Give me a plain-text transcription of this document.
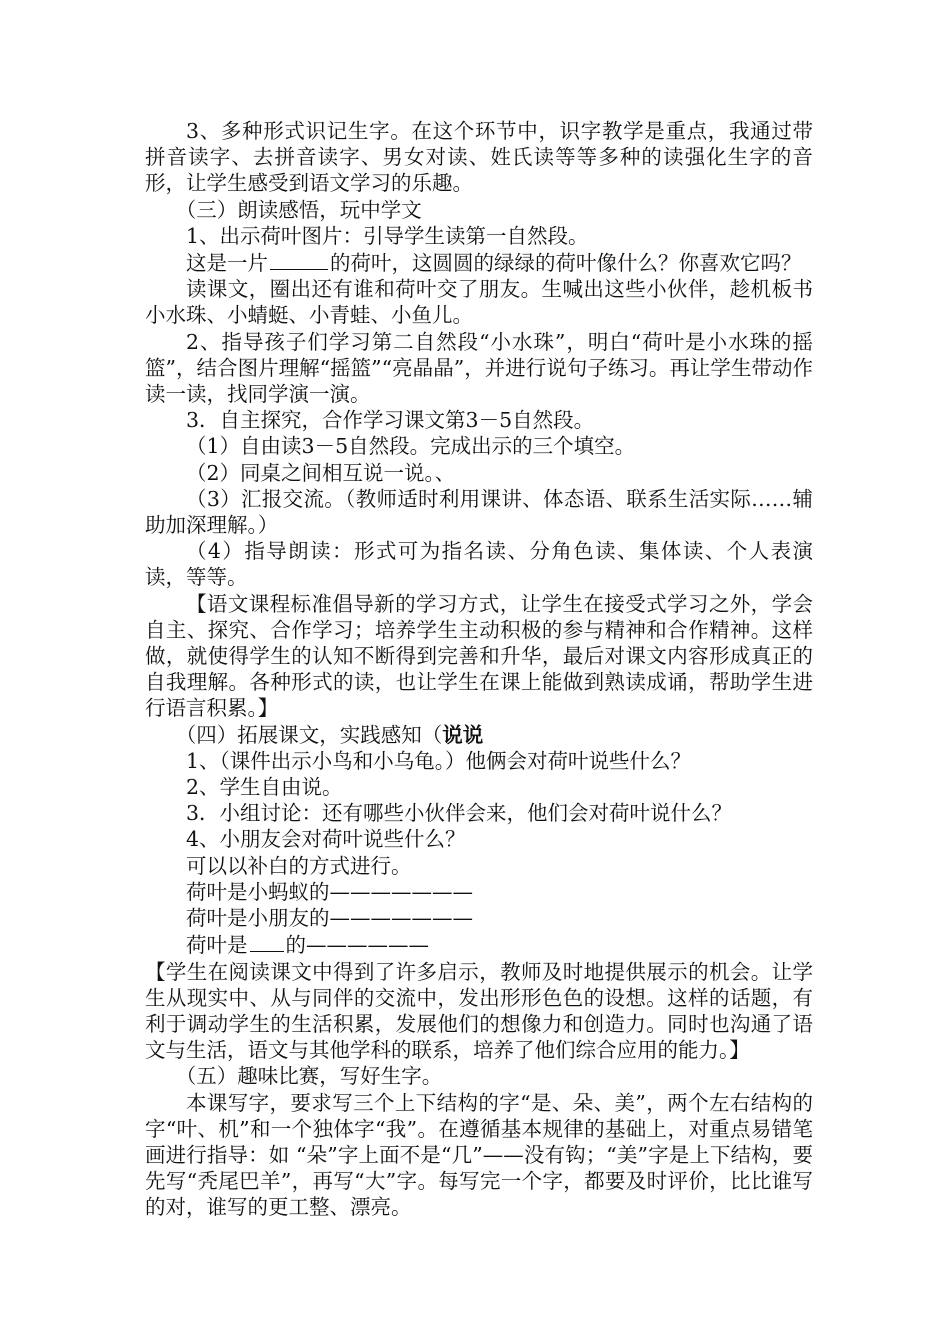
3、多种形式识记生字。在这个环节中，识字教学是重点，我通过带拼音读字、去拼音读字、男女对读、姓氏读等等多种的读强化生字的音形，让学生感受到语文学习的乐趣。

（三）朗读感悟，玩中学文

1、出示荷叶图片：引导学生读第一自然段。

这是一片	的荷叶，这圆圆的绿绿的荷叶像什么？你喜欢它吗？

读课文，圈出还有谁和荷叶交了朋友。生喊出这些小伙伴，趁机板书小水珠、小蜻蜓、小青蛙、小鱼儿。

2、指导孩子们学习第二自然段“小水珠”，明白“荷叶是小水珠的摇篮”，结合图片理解“摇篮”“亮晶晶”，并进行说句子练习。再让学生带动作读一读，找同学演一演。

3．自主探究，合作学习课文第3－5自然段。

（1）自由读3－5自然段。完成出示的三个填空。

（2）同桌之间相互说一说。、

（3）汇报交流。（教师适时利用课讲、体态语、联系生活实际……辅助加深理解。）

（4）指导朗读：形式可为指名读、分角色读、集体读、个人表演读，等等。

【语文课程标准倡导新的学习方式，让学生在接受式学习之外，学会自主、探究、合作学习；培养学生主动积极的参与精神和合作精神。这样做，就使得学生的认知不断得到完善和升华，最后对课文内容形成真正的自我理解。各种形式的读，也让学生在课上能做到熟读成诵，帮助学生进行语言积累。】

（四）拓展课文，实践感知（说说

1、（课件出示小鸟和小乌龟。）他俩会对荷叶说些什么？

2、学生自由说。

3．小组讨论：还有哪些小伙伴会来，他们会对荷叶说什么？

4、小朋友会对荷叶说些什么？

可以以补白的方式进行。

荷叶是小蚂蚁的———————

荷叶是小朋友的———————

荷叶是 的——————

【学生在阅读课文中得到了许多启示，教师及时地提供展示的机会。让学生从现实中、从与同伴的交流中，发出形形色色的设想。这样的话题，有利于调动学生的生活积累，发展他们的想像力和创造力。同时也沟通了语文与生活，语文与其他学科的联系，培养了他们综合应用的能力。】

（五）趣味比赛，写好生字。

本课写字，要求写三个上下结构的字“是、朵、美”，两个左右结构的字“叶、机”和一个独体字“我”。在遵循基本规律的基础上，对重点易错笔画进行指导：如 “朵”字上面不是“几”——没有钩；“美”字是上下结构，要先写“秃尾巴羊”，再写“大”字。每写完一个字，都要及时评价，比比谁写的对，谁写的更工整、漂亮。
